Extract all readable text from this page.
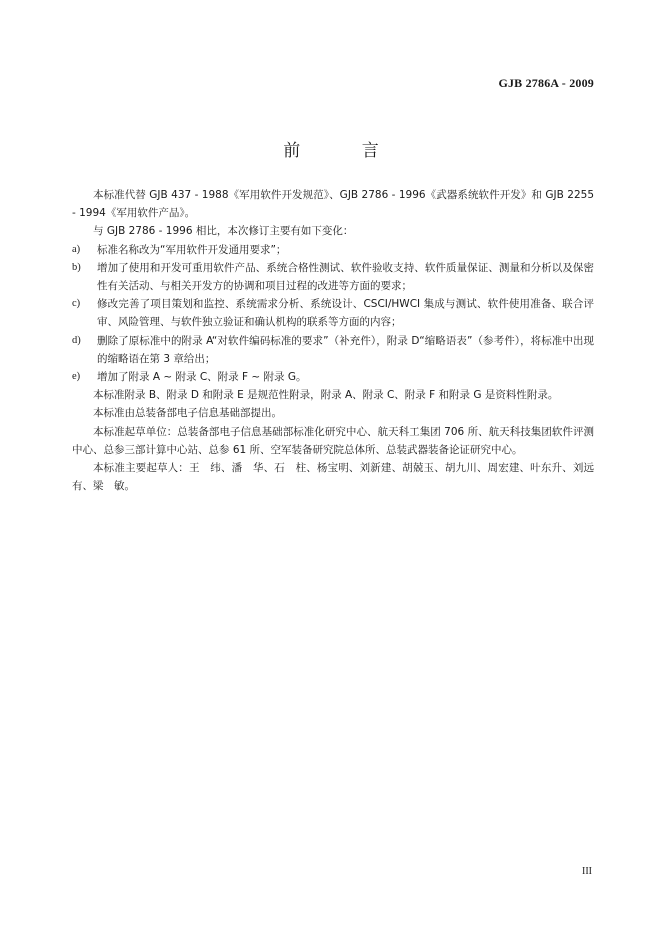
GJB 2786A - 2009
前 言

本标准代替 GJB 437 - 1988《军用软件开发规范》、GJB 2786 - 1996《武器系统软件开发》和 GJB 2255 - 1994《军用软件产品》。

与 GJB 2786 - 1996 相比，本次修订主要有如下变化：

a)	标准名称改为“军用软件开发通用要求”；
b)	增加了使用和开发可重用软件产品、系统合格性测试、软件验收支持、软件质量保证、测量和分析以及保密性有关活动、与相关开发方的协调和项目过程的改进等方面的要求；
c)	修改完善了项目策划和监控、系统需求分析、系统设计、CSCI/HWCI 集成与测试、软件使用准备、联合评审、风险管理、与软件独立验证和确认机构的联系等方面的内容；
d)	删除了原标准中的附录 A“对软件编码标准的要求”（补充件），附录 D“缩略语表”（参考件），将标准中出现的缩略语在第 3 章给出；
e)	增加了附录 A ~ 附录 C、附录 F ~ 附录 G。

本标准附录 B、附录 D 和附录 E 是规范性附录，附录 A、附录 C、附录 F 和附录 G 是资料性附录。

本标准由总装备部电子信息基础部提出。

本标准起草单位：总装备部电子信息基础部标准化研究中心、航天科工集团 706 所、航天科技集团软件评测中心、总参三部计算中心站、总参 61 所、空军装备研究院总体所、总装武器装备论证研究中心。

本标准主要起草人：王　纬、潘　华、石　柱、杨宝明、刘新建、胡兢玉、胡九川、周宏建、叶东升、刘远有、梁　敏。

III
